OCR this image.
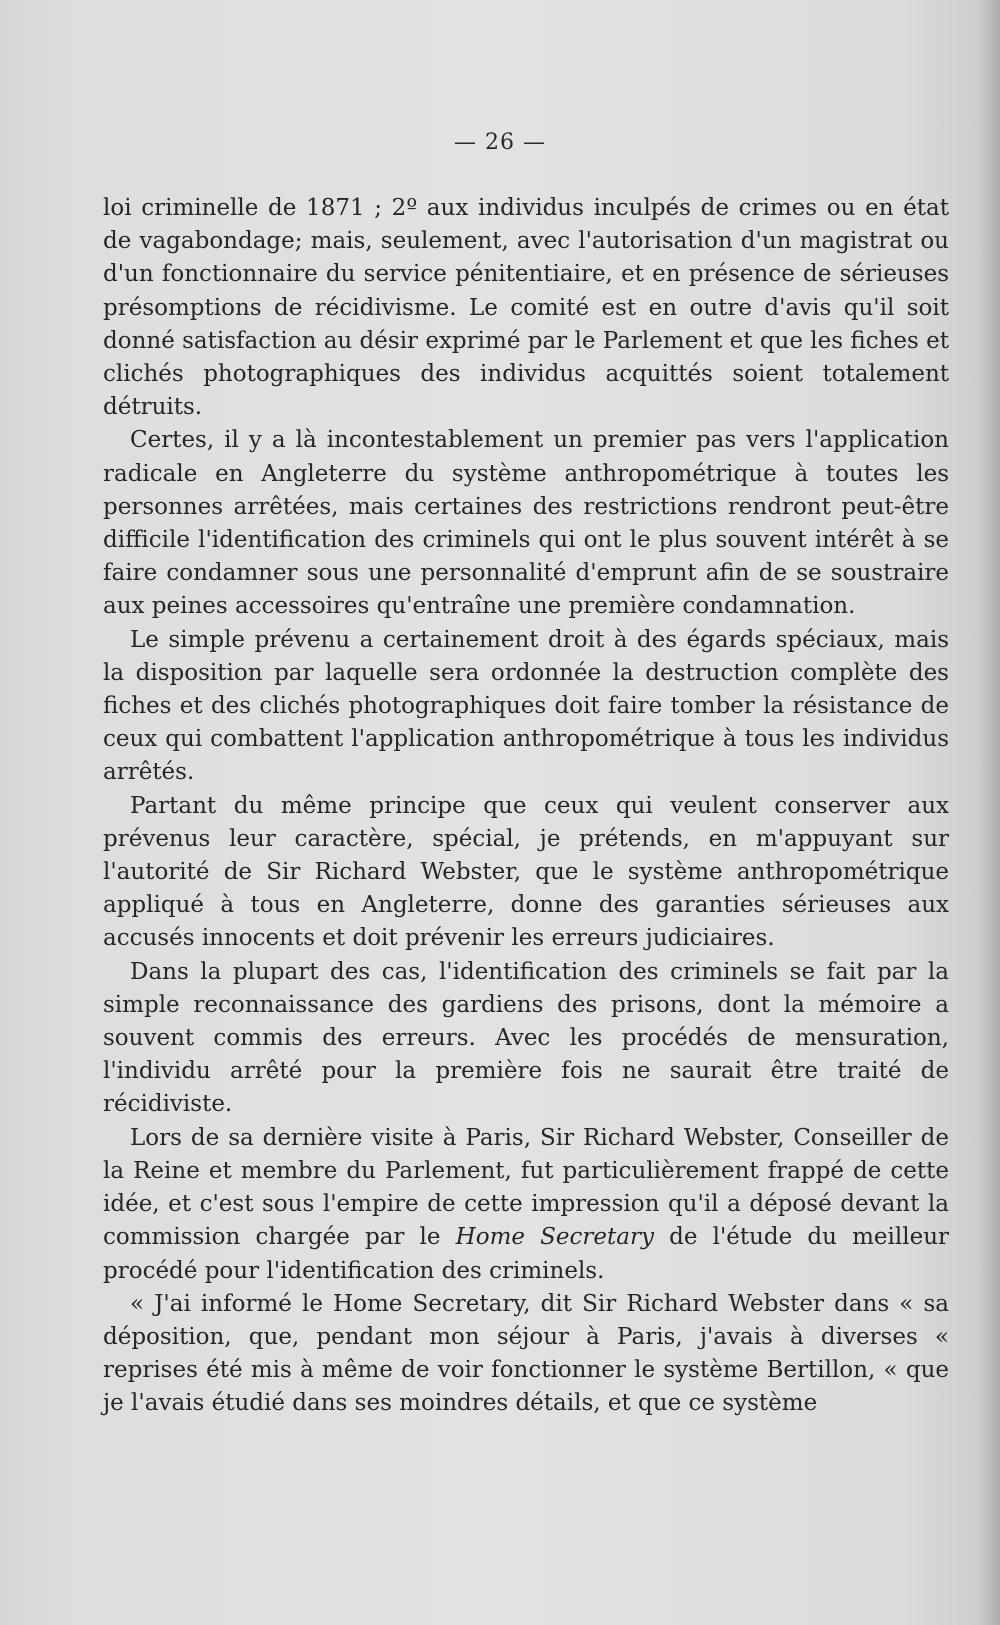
— 26 —

loi criminelle de 1871 ; 2º aux individus inculpés de crimes ou en état de vagabondage; mais, seulement, avec l'autorisation d'un magistrat ou d'un fonctionnaire du service pénitentiaire, et en présence de sérieuses présomptions de récidivisme. Le comité est en outre d'avis qu'il soit donné satisfaction au désir exprimé par le Parlement et que les fiches et clichés photographiques des individus acquittés soient totalement détruits.

Certes, il y a là incontestablement un premier pas vers l'application radicale en Angleterre du système anthropométrique à toutes les personnes arrêtées, mais certaines des restrictions rendront peut-être difficile l'identification des criminels qui ont le plus souvent intérêt à se faire condamner sous une personnalité d'emprunt afin de se soustraire aux peines accessoires qu'entraîne une première condamnation.

Le simple prévenu a certainement droit à des égards spéciaux, mais la disposition par laquelle sera ordonnée la destruction complète des fiches et des clichés photographiques doit faire tomber la résistance de ceux qui combattent l'application anthropométrique à tous les individus arrêtés.

Partant du même principe que ceux qui veulent conserver aux prévenus leur caractère, spécial, je prétends, en m'appuyant sur l'autorité de Sir Richard Webster, que le système anthropométrique appliqué à tous en Angleterre, donne des garanties sérieuses aux accusés innocents et doit prévenir les erreurs judiciaires.

Dans la plupart des cas, l'identification des criminels se fait par la simple reconnaissance des gardiens des prisons, dont la mémoire a souvent commis des erreurs. Avec les procédés de mensuration, l'individu arrêté pour la première fois ne saurait être traité de récidiviste.

Lors de sa dernière visite à Paris, Sir Richard Webster, Conseiller de la Reine et membre du Parlement, fut particulièrement frappé de cette idée, et c'est sous l'empire de cette impression qu'il a déposé devant la commission chargée par le Home Secretary de l'étude du meilleur procédé pour l'identification des criminels.

« J'ai informé le Home Secretary, dit Sir Richard Webster dans « sa déposition, que, pendant mon séjour à Paris, j'avais à diverses « reprises été mis à même de voir fonctionner le système Bertillon, « que je l'avais étudié dans ses moindres détails, et que ce système
